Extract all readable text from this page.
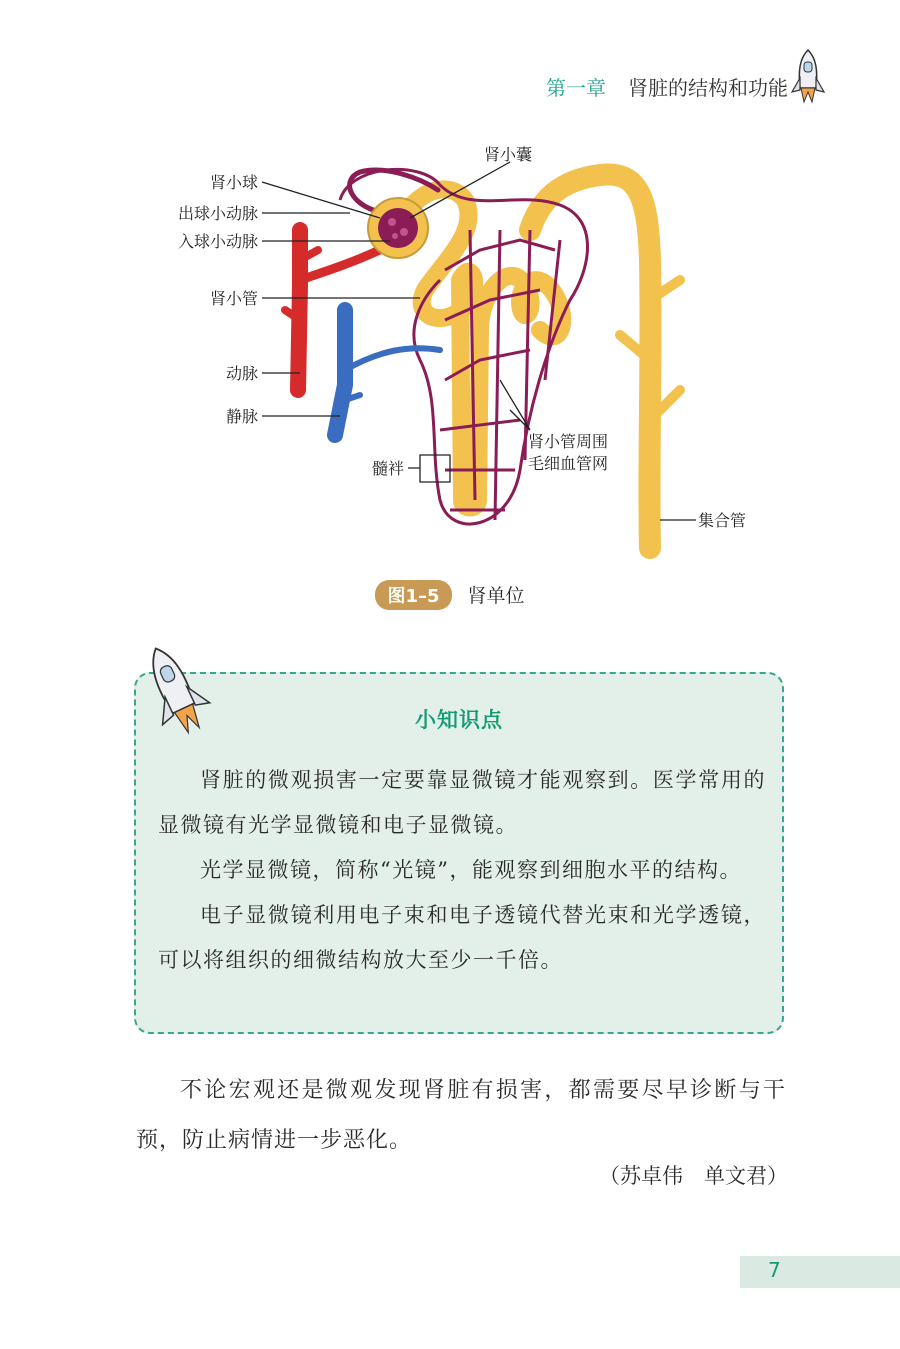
第一章 肾脏的结构和功能
肾小球
出球小动脉
入球小动脉
肾小管
动脉
静脉
肾小囊
肾小管周围
毛细血管网
髓袢
集合管
图1–5 肾单位
小知识点

肾脏的微观损害一定要靠显微镜才能观察到。医学常用的显微镜有光学显微镜和电子显微镜。

光学显微镜，简称“光镜”，能观察到细胞水平的结构。

电子显微镜利用电子束和电子透镜代替光束和光学透镜，可以将组织的细微结构放大至少一千倍。

不论宏观还是微观发现肾脏有损害，都需要尽早诊断与干预，防止病情进一步恶化。

（苏卓伟　单文君）
7
